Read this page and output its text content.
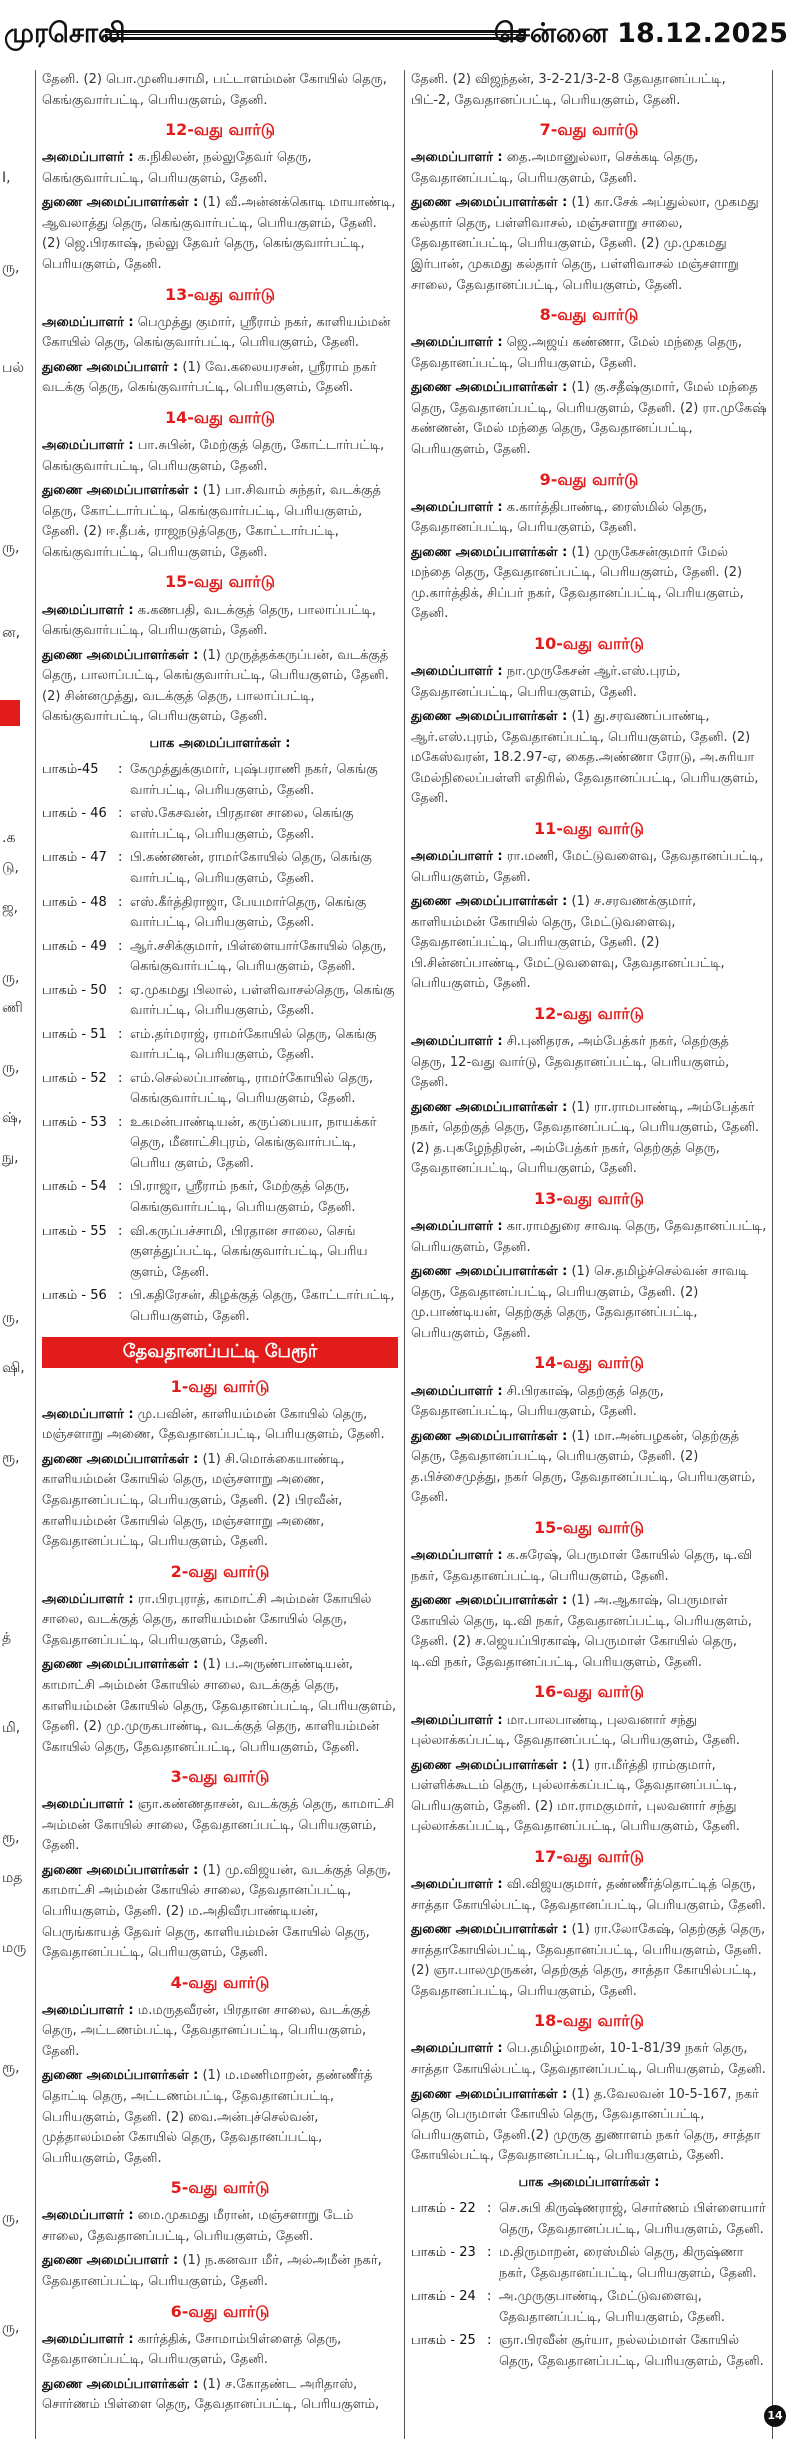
முரசொலி	சென்னை 18.12.2025
I,
ரு,
பல்
ரு,
ன,
.க
டு,
ஜ,
ரு,
ணி
ரு,
ஷ்,
நு,
ரு,
ஷி,
ரூ,
த்
மி,
ரூ,
மத
மரு
ரூ,
ரு,
ரு,

தேனி. (2) பொ.முனியசாமி, பட்டாளம்மன் கோயில் தெரு, கெங்குவார்பட்டி, பெரியகுளம், தேனி.

12-வது வார்டு
அமைப்பாளர் : க.நிகிலன், நல்லுதேவர் தெரு, கெங்குவார்பட்டி, பெரியகுளம், தேனி.
துணை அமைப்பாளர்கள் : (1) வீ.அன்னக்கொடி மாயாண்டி, ஆவலாத்து தெரு, கெங்குவார்பட்டி, பெரியகுளம், தேனி. (2) ஜெ.பிரகாஷ், நல்லு தேவர் தெரு, கெங்குவார்பட்டி, பெரியகுளம், தேனி.
13-வது வார்டு
அமைப்பாளர் : பெமுத்து குமார், ஸ்ரீராம் நகர், காளியம்மன் கோயில் தெரு, கெங்குவார்பட்டி, பெரியகுளம், தேனி.
துணை அமைப்பாளர் : (1) வே.கலையரசன், ஸ்ரீராம் நகர் வடக்கு தெரு, கெங்குவார்பட்டி, பெரியகுளம், தேனி.
14-வது வார்டு
அமைப்பாளர் : பா.சுபின், மேற்குத் தெரு, கோட்டார்பட்டி, கெங்குவார்பட்டி, பெரியகுளம், தேனி.
துணை அமைப்பாளர்கள் : (1) பா.சிவாம் சுந்தர், வடக்குத் தெரு, கோட்டார்பட்டி, கெங்குவார்பட்டி, பெரியகுளம், தேனி. (2) ஈ.தீபக், ராஜநடுத்தெரு, கோட்டார்பட்டி, கெங்குவார்பட்டி, பெரியகுளம், தேனி.
15-வது வார்டு
அமைப்பாளர் : க.கணபதி, வடக்குத் தெரு, பாலாப்பட்டி, கெங்குவார்பட்டி, பெரியகுளம், தேனி.
துணை அமைப்பாளர்கள் : (1) முருத்தக்கருப்பன், வடக்குத் தெரு, பாலாப்பட்டி, கெங்குவார்பட்டி, பெரியகுளம், தேனி. (2) சின்னமுத்து, வடக்குத் தெரு, பாலாப்பட்டி, கெங்குவார்பட்டி, பெரியகுளம், தேனி.
பாக அமைப்பாளர்கள் :
பாகம்-45	: கேமுத்துக்குமார், புஷ்பராணி நகர், கெங்கு வார்பட்டி, பெரியகுளம், தேனி.
பாகம் - 46 : எஸ்.கேசவன், பிரதான சாலை, கெங்கு வார்பட்டி, பெரியகுளம், தேனி.
பாகம் - 47 : பி.கண்ணன், ராமர்கோயில் தெரு, கெங்கு வார்பட்டி, பெரியகுளம், தேனி.
பாகம் - 48 : எஸ்.கீர்த்திராஜா, பேயமார்தெரு, கெங்கு வார்பட்டி, பெரியகுளம், தேனி.
பாகம் - 49 : ஆர்.சசிக்குமார், பிள்ளையார்கோயில் தெரு, கெங்குவார்பட்டி, பெரியகுளம், தேனி.
பாகம் - 50 : ஏ.முகமது பிலால், பள்ளிவாசல்தெரு, கெங்கு வார்பட்டி, பெரியகுளம், தேனி.
பாகம் - 51 : எம்.தர்மராஜ், ராமர்கோயில் தெரு, கெங்கு வார்பட்டி, பெரியகுளம், தேனி.
பாகம் - 52 : எம்.செல்லப்பாண்டி, ராமர்கோயில் தெரு, கெங்குவார்பட்டி, பெரியகுளம், தேனி.
பாகம் - 53 : உகமன்பாண்டியன், கருப்பையா, நாயக்கர் தெரு, மீனாட்சிபுரம், கெங்குவார்பட்டி, பெரிய குளம், தேனி.
பாகம் - 54 : பி.ராஜா, ஸ்ரீராம் நகர், மேற்குத் தெரு, கெங்குவார்பட்டி, பெரியகுளம், தேனி.
பாகம் - 55 : வி.கருப்பச்சாமி, பிரதான சாலை, செங் குளத்துப்பட்டி, கெங்குவார்பட்டி, பெரிய குளம், தேனி.
பாகம் - 56 : பி.கதிரேசன், கிழக்குத் தெரு, கோட்டார்பட்டி, பெரியகுளம், தேனி.
தேவதானப்பட்டி பேரூர்
1-வது வார்டு
அமைப்பாளர் : மு.பவின், காளியம்மன் கோயில் தெரு, மஞ்சளாறு அணை, தேவதானப்பட்டி, பெரியகுளம், தேனி.
துணை அமைப்பாளர்கள் : (1) சி.மொக்கையாண்டி, காளியம்மன் கோயில் தெரு, மஞ்சளாறு அணை, தேவதானப்பட்டி, பெரியகுளம், தேனி. (2) பிரவீன், காளியம்மன் கோயில் தெரு, மஞ்சளாறு அணை, தேவதானப்பட்டி, பெரியகுளம், தேனி.
2-வது வார்டு
அமைப்பாளர் : ரா.பிரபுராத், காமாட்சி அம்மன் கோயில் சாலை, வடக்குத் தெரு, காளியம்மன் கோயில் தெரு, தேவதானப்பட்டி, பெரியகுளம், தேனி.
துணை அமைப்பாளர்கள் : (1) ப.அருண்பாண்டியன், காமாட்சி அம்மன் கோயில் சாலை, வடக்குத் தெரு, காளியம்மன் கோயில் தெரு, தேவதானப்பட்டி, பெரியகுளம், தேனி. (2) மு.முருகபாண்டி, வடக்குத் தெரு, காளியம்மன் கோயில் தெரு, தேவதானப்பட்டி, பெரியகுளம், தேனி.
3-வது வார்டு
அமைப்பாளர் : ஞா.கண்ணதாசன், வடக்குத் தெரு, காமாட்சி அம்மன் கோயில் சாலை, தேவதானப்பட்டி, பெரியகுளம், தேனி.
துணை அமைப்பாளர்கள் : (1) மு.விஜயன், வடக்குத் தெரு, காமாட்சி அம்மன் கோயில் சாலை, தேவதானப்பட்டி, பெரியகுளம், தேனி. (2) ம.அதிவீரபாண்டியன், பெருங்காயத் தேவர் தெரு, காளியம்மன் கோயில் தெரு, தேவதானப்பட்டி, பெரியகுளம், தேனி.
4-வது வார்டு
அமைப்பாளர் : ம.மருதவீரன், பிரதான சாலை, வடக்குத் தெரு, அட்டணம்பட்டி, தேவதானப்பட்டி, பெரியகுளம், தேனி.
துணை அமைப்பாளர்கள் : (1) ம.மணிமாறன், தண்ணீர்த் தொட்டி தெரு, அட்டணம்பட்டி, தேவதானப்பட்டி, பெரியகுளம், தேனி. (2) வை.அன்புச்செல்வன், முத்தாலம்மன் கோயில் தெரு, தேவதானப்பட்டி, பெரியகுளம், தேனி.
5-வது வார்டு
அமைப்பாளர் : மை.முகமது மீரான், மஞ்சளாறு டேம் சாலை, தேவதானப்பட்டி, பெரியகுளம், தேனி.
துணை அமைப்பாளர் : (1) ந.கனவா மீர், அல்அமீன் நகர், தேவதானப்பட்டி, பெரியகுளம், தேனி.
6-வது வார்டு
அமைப்பாளர் : கார்த்திக், சோமாம்பிள்ளைத் தெரு, தேவதானப்பட்டி, பெரியகுளம், தேனி.
துணை அமைப்பாளர்கள் : (1) ச.கோதண்ட அரிதாஸ், சொர்ணம் பிள்ளை தெரு, தேவதானப்பட்டி, பெரியகுளம்,

தேனி. (2) விஜந்தன், 3-2-21/3-2-8 தேவதானப்பட்டி, பிட்-2, தேவதானப்பட்டி, பெரியகுளம், தேனி.

7-வது வார்டு
அமைப்பாளர் : தை.அமானுல்லா, செக்கடி தெரு, தேவதானப்பட்டி, பெரியகுளம், தேனி.
துணை அமைப்பாளர்கள் : (1) கா.சேக் அப்துல்லா, முகமது கல்தார் தெரு, பள்ளிவாசல், மஞ்சளாறு சாலை, தேவதானப்பட்டி, பெரியகுளம், தேனி. (2) மு.முகமது இர்பான், முகமது கல்தார் தெரு, பள்ளிவாசல் மஞ்சளாறு சாலை, தேவதானப்பட்டி, பெரியகுளம், தேனி.
8-வது வார்டு
அமைப்பாளர் : ஜெ.அஜய் கண்ணா, மேல் மந்தை தெரு, தேவதானப்பட்டி, பெரியகுளம், தேனி.
துணை அமைப்பாளர்கள் : (1) கு.சதீஷ்குமார், மேல் மந்தை தெரு, தேவதானப்பட்டி, பெரியகுளம், தேனி. (2) ரா.முகேஷ் கண்ணன், மேல் மந்தை தெரு, தேவதானப்பட்டி, பெரியகுளம், தேனி.
9-வது வார்டு
அமைப்பாளர் : க.கார்த்திபாண்டி, ரைஸ்மில் தெரு, தேவதானப்பட்டி, பெரியகுளம், தேனி.
துணை அமைப்பாளர்கள் : (1) முருகேசன்குமார் மேல் மந்தை தெரு, தேவதானப்பட்டி, பெரியகுளம், தேனி. (2) மு.கார்த்திக், சிப்பர் நகர், தேவதானப்பட்டி, பெரியகுளம், தேனி.
10-வது வார்டு
அமைப்பாளர் : நா.முருகேசன் ஆர்.எஸ்.புரம், தேவதானப்பட்டி, பெரியகுளம், தேனி.
துணை அமைப்பாளர்கள் : (1) து.சரவணப்பாண்டி, ஆர்.எஸ்.புரம், தேவதானப்பட்டி, பெரியகுளம், தேனி. (2) மகேஸ்வரன், 18.2.97-ஏ, கைத.அண்ணா ரோடு, அ.சுரியா மேல்நிலைப்பள்ளி எதிரில், தேவதானப்பட்டி, பெரியகுளம், தேனி.
11-வது வார்டு
அமைப்பாளர் : ரா.மணி, மேட்டுவளைவு, தேவதானப்பட்டி, பெரியகுளம், தேனி.
துணை அமைப்பாளர்கள் : (1) ச.சரவணக்குமார், காளியம்மன் கோயில் தெரு, மேட்டுவளைவு, தேவதானப்பட்டி, பெரியகுளம், தேனி. (2) பி.சின்னப்பாண்டி, மேட்டுவளைவு, தேவதானப்பட்டி, பெரியகுளம், தேனி.
12-வது வார்டு
அமைப்பாளர் : சி.புனிதரசு, அம்பேத்கர் நகர், தெற்குத் தெரு, 12-வது வார்டு, தேவதானப்பட்டி, பெரியகுளம், தேனி.
துணை அமைப்பாளர்கள் : (1) ரா.ராமபாண்டி, அம்பேத்கர் நகர், தெற்குத் தெரு, தேவதானப்பட்டி, பெரியகுளம், தேனி. (2) த.புகழேந்திரன், அம்பேத்கர் நகர், தெற்குத் தெரு, தேவதானப்பட்டி, பெரியகுளம், தேனி.
13-வது வார்டு
அமைப்பாளர் : கா.ராமதுரை சாவடி தெரு, தேவதானப்பட்டி, பெரியகுளம், தேனி.
துணை அமைப்பாளர்கள் : (1) செ.தமிழ்ச்செல்வன் சாவடி தெரு, தேவதானப்பட்டி, பெரியகுளம், தேனி. (2) மு.பாண்டியன், தெற்குத் தெரு, தேவதானப்பட்டி, பெரியகுளம், தேனி.
14-வது வார்டு
அமைப்பாளர் : சி.பிரகாஷ், தெற்குத் தெரு, தேவதானப்பட்டி, பெரியகுளம், தேனி.
துணை அமைப்பாளர்கள் : (1) மா.அன்பழகன், தெற்குத் தெரு, தேவதானப்பட்டி, பெரியகுளம், தேனி. (2) த.பிச்சைமுத்து, நகர் தெரு, தேவதானப்பட்டி, பெரியகுளம், தேனி.
15-வது வார்டு
அமைப்பாளர் : க.சுரேஷ், பெருமாள் கோயில் தெரு, டி.வி நகர், தேவதானப்பட்டி, பெரியகுளம், தேனி.
துணை அமைப்பாளர்கள் : (1) அ.ஆகாஷ், பெருமாள் கோயில் தெரு, டி.வி நகர், தேவதானப்பட்டி, பெரியகுளம், தேனி. (2) ச.ஜெயப்பிரகாஷ், பெருமாள் கோயில் தெரு, டி.வி நகர், தேவதானப்பட்டி, பெரியகுளம், தேனி.
16-வது வார்டு
அமைப்பாளர் : மா.பாலபாண்டி, புலவனார் சந்து புல்லாக்கப்பட்டி, தேவதானப்பட்டி, பெரியகுளம், தேனி.
துணை அமைப்பாளர்கள் : (1) ரா.மீர்த்தி ராம்குமார், பள்ளிக்கூடம் தெரு, புல்லாக்கப்பட்டி, தேவதானப்பட்டி, பெரியகுளம், தேனி. (2) மா.ராமகுமார், புலவனார் சந்து புல்லாக்கப்பட்டி, தேவதானப்பட்டி, பெரியகுளம், தேனி.
17-வது வார்டு
அமைப்பாளர் : வி.விஜயகுமார், தண்ணீர்த்தொட்டித் தெரு, சாத்தா கோயில்பட்டி, தேவதானப்பட்டி, பெரியகுளம், தேனி.
துணை அமைப்பாளர்கள் : (1) ரா.லோகேஷ், தெற்குத் தெரு, சாத்தாகோயில்பட்டி, தேவதானப்பட்டி, பெரியகுளம், தேனி. (2) ஞா.பாலமுருகன், தெற்குத் தெரு, சாத்தா கோயில்பட்டி, தேவதானப்பட்டி, பெரியகுளம், தேனி.
18-வது வார்டு
அமைப்பாளர் : பெ.தமிழ்மாறன், 10-1-81/39 நகர் தெரு, சாத்தா கோயில்பட்டி, தேவதானப்பட்டி, பெரியகுளம், தேனி.
துணை அமைப்பாளர்கள் : (1) த.வேலவன் 10-5-167, நகர் தெரு பெருமாள் கோயில் தெரு, தேவதானப்பட்டி, பெரியகுளம், தேனி.(2) முருகு துணாளம் நகர் தெரு, சாத்தா கோயில்பட்டி, தேவதானப்பட்டி, பெரியகுளம், தேனி.
பாக அமைப்பாளர்கள் :
பாகம் - 22 : செ.சுபி கிருஷ்ணராஜ், சொர்ணம் பிள்ளையார் தெரு, தேவதானப்பட்டி, பெரியகுளம், தேனி.
பாகம் - 23 : ம.திருமாறன், ரைஸ்மில் தெரு, கிருஷ்ணா நகர், தேவதானப்பட்டி, பெரியகுளம், தேனி.
பாகம் - 24 : அ.முருகுபாண்டி, மேட்டுவளைவு, தேவதானப்பட்டி, பெரியகுளம், தேனி.
பாகம் - 25 : ஞா.பிரவீன் சூர்யா, நல்லம்மாள் கோயில் தெரு, தேவதானப்பட்டி, பெரியகுளம், தேனி.
14
